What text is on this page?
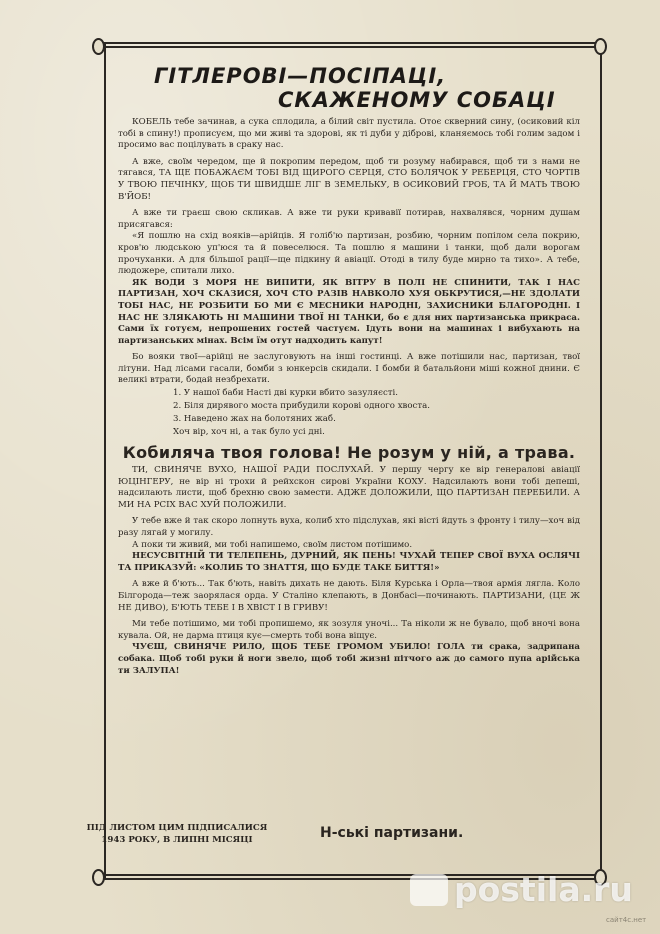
ГІТЛЕРОВІ—ПОСІПАЦІ,
СКАЖЕНОМУ СОБАЦІ

КОБЕЛЬ тебе зачинав, а сука сплодила, а білий світ пустила. Отоє скверний сину, (осиковий кіл тобі в спину!) прописуєм, що ми живі та здорові, як ті дуби у діброві, кланяємось тобі голим задом і просимо вас поцілувать в сраку нас.

А вже, своїм чередом, ще й покропим передом, щоб ти розуму набирався, щоб ти з нами не тягався, ТА ЩЕ ПОБАЖАЄМ ТОБІ ВІД ЩИРОГО СЕРЦЯ, СТО БОЛЯЧОК У РЕБЕРЦЯ, СТО ЧОРТІВ У ТВОЮ ПЕЧІНКУ, ЩОБ ТИ ШВИДШЕ ЛІГ В ЗЕМЕЛЬКУ, В ОСИКОВИЙ ГРОБ, ТА Й МАТЬ ТВОЮ В'ЙОБ!

А вже ти граєш свою скликав. А вже ти руки кривавії потирав, нахвалявся, чорним душам присягався:

«Я пошлю на схід вояків—арійців. Я голіб'ю партизан, розбию, чорним попілом села покрию, кров'ю людською уп'юся та й повеселюся. Та пошлю я машини і танки, щоб дали ворогам прочуханки. А для більшої рації—ще підкину й авіації. Отоді в тилу буде мирно та тихо». А тебе, людожере, спитали лихо.

ЯК ВОДИ З МОРЯ НЕ ВИПИТИ, ЯК ВІТРУ В ПОЛІ НЕ СПИНИТИ, ТАК І НАС ПАРТИЗАН, ХОЧ СКАЗИСЯ, ХОЧ СТО РАЗІВ НАВКОЛО ХУЯ ОБКРУТИСЯ,—НЕ ЗДОЛАТИ ТОБІ НАС, НЕ РОЗБИТИ БО МИ Є МЕСНИКИ НАРОДНІ, ЗАХИСНИКИ БЛАГОРОДНІ. І НАС НЕ ЗЛЯКАЮТЬ НІ МАШИНИ ТВОЇ НІ ТАНКИ, бо є для них партизанська прикраса. Сами їх готуєм, непрошених гостей частуєм. Ідуть вони на машинах і вибухають на партизанських мінах. Всім їм отут надходить капут!

Бо вояки твої—арійці не заслуговують на інші гостинці. А вже потішили нас, партизан, твої літуни. Над лісами гасали, бомби з юнкерсів скидали. І бомби й батальйони міші кожної днини. Є великі втрати, бодай незбрехати.

1. У нашої баби Насті дві курки вбито зазуляєсті.
2. Біля дирявого моста прибудили корові одного хвоста.
3. Наведено жах на болотяних жаб.
Хоч вір, хоч ні, а так було усі дні.
Кобиляча твоя голова! Не розум у ній, а трава.

ТИ, СВИНЯЧЕ ВУХО, НАШОЇ РАДИ ПОСЛУХАЙ. У першу чергу ке вір генералові авіації ЮЦІНГЕРУ, не вір ні трохи й рейхскон сирові України КОХУ. Надсилають вони тобі депеші, надсилають листи, щоб брехню свою замести. АДЖЕ ДОЛОЖИЛИ, ЩО ПАРТИЗАН ПЕРЕБИЛИ. А МИ НА РСІХ ВАС ХУЙ ПОЛОЖИЛИ.

У тебе вже й так скоро лопнуть вуха, колиб хто підслухав, які вісті йдуть з фронту і тилу—хоч від разу лягай у могилу.

А поки ти живий, ми тобі напишемо, своїм листом потішимо.

НЕСУСВІТНІЙ ТИ ТЕЛЕПЕНЬ, ДУРНИЙ, ЯК ПЕНЬ! ЧУХАЙ ТЕПЕР СВОЇ ВУХА ОСЛЯЧІ ТА ПРИКАЗУЙ: «КОЛИБ ТО ЗНАТТЯ, ЩО БУДЕ ТАКЕ БИТТЯ!»

А вже й б'ють... Так б'ють, навіть дихать не дають. Біля Курська і Орла—твоя армія лягла. Коло Білгорода—теж заорялася орда. У Сталіно клепають, в Донбасі—починають. ПАРТИЗАНИ, (ЦЕ Ж НЕ ДИВО), Б'ЮТЬ ТЕБЕ І В ХВІСТ І В ГРИВУ!

Ми тебе потішимо, ми тобі пропишемо, як зозуля уночі... Та ніколи ж не бувало, щоб вночі вона кувала. Ой, не дарма птиця кує—смерть тобі вона віщує.

ЧУЄШ, СВИНЯЧЕ РИЛО, ЩОБ ТЕБЕ ГРОМОМ УБИЛО! ГОЛА ти срака, задрипана собака. Щоб тобі руки й ноги звело, щоб тобі жизні пітчого аж до самого пупа арійська ти ЗАЛУПА!

ПІД ЛИСТОМ ЦИМ ПІДПИСАЛИСЯ
1943 РОКУ, В ЛИПНІ МІСЯЦІ	Н-ські партизани.
postila.ru
сайт4с.нет
